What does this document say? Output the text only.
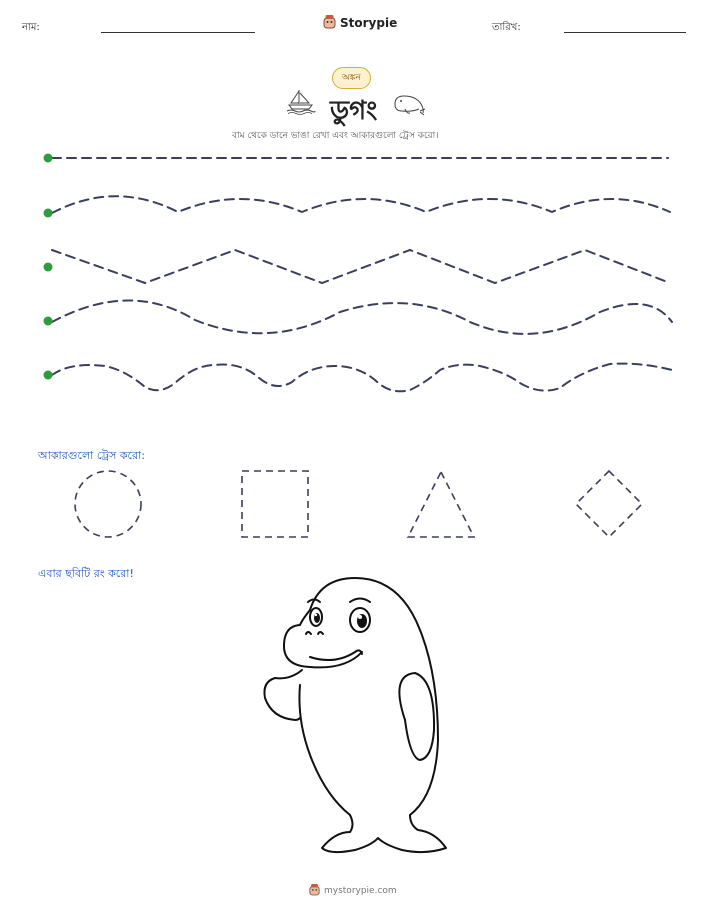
নাম:	Storypie	তারিখ:
অঙ্কন
ডুগং
বাম থেকে ডানে ভাঙা রেখা এবং আকারগুলো ট্রেস করো।
আকারগুলো ট্রেস করো:
এবার ছবিটি রং করো!
mystorypie.com
